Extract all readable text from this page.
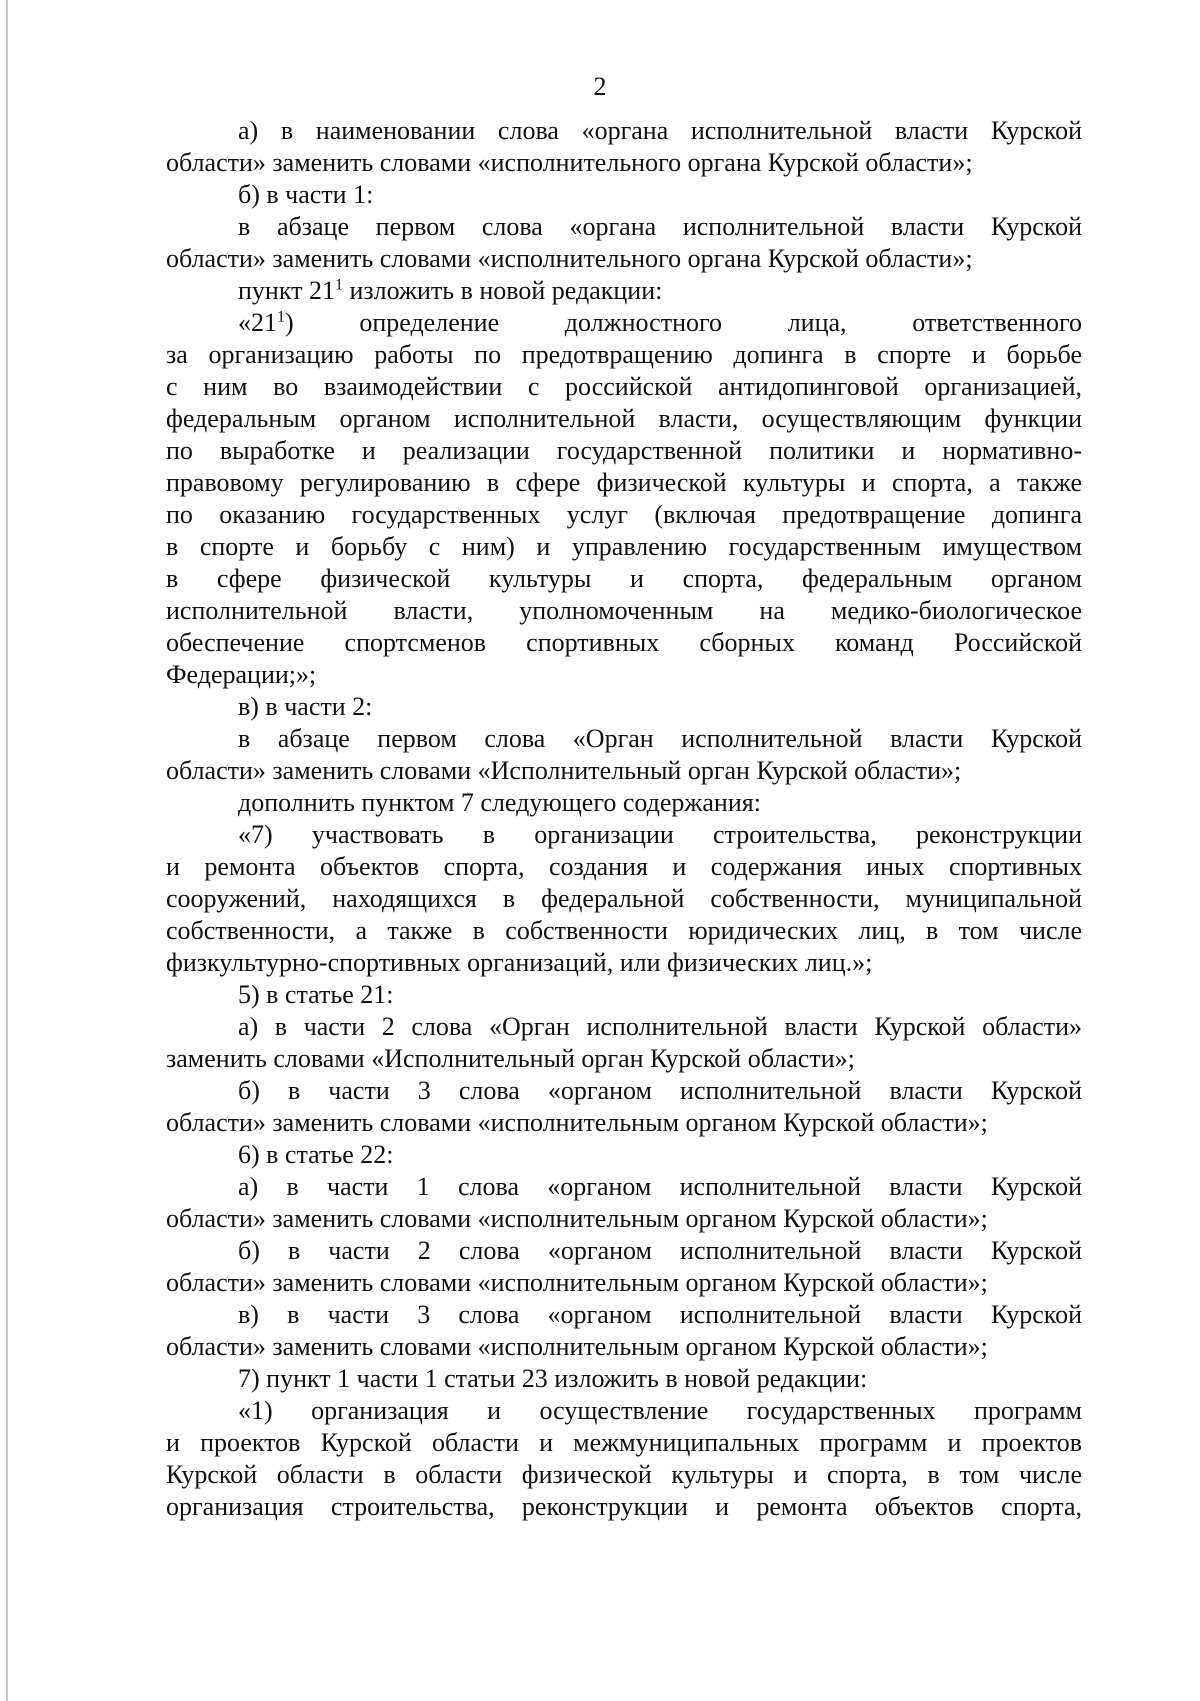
2
а) в наименовании слова «органа исполнительной власти Курской
области» заменить словами «исполнительного органа Курской области»;
б) в части 1:
в абзаце первом слова «органа исполнительной власти Курской
области» заменить словами «исполнительного органа Курской области»;
пункт $21^1$ изложить в новой редакции:
«$21^1$) определение должностного лица, ответственного
за организацию работы по предотвращению допинга в спорте и борьбе
с ним во взаимодействии с российской антидопинговой организацией,
федеральным органом исполнительной власти, осуществляющим функции
по выработке и реализации государственной политики и нормативно-
правовому регулированию в сфере физической культуры и спорта, а также
по оказанию государственных услуг (включая предотвращение допинга
в спорте и борьбу с ним) и управлению государственным имуществом
в сфере физической культуры и спорта, федеральным органом
исполнительной власти, уполномоченным на медико-биологическое
обеспечение спортсменов спортивных сборных команд Российской
Федерации;»;
в) в части 2:
в абзаце первом слова «Орган исполнительной власти Курской
области» заменить словами «Исполнительный орган Курской области»;
дополнить пунктом 7 следующего содержания:
«7) участвовать в организации строительства, реконструкции
и ремонта объектов спорта, создания и содержания иных спортивных
сооружений, находящихся в федеральной собственности, муниципальной
собственности, а также в собственности юридических лиц, в том числе
физкультурно-спортивных организаций, или физических лиц.»;
5) в статье 21:
а) в части 2 слова «Орган исполнительной власти Курской области»
заменить словами «Исполнительный орган Курской области»;
б) в части 3 слова «органом исполнительной власти Курской
области» заменить словами «исполнительным органом Курской области»;
6) в статье 22:
а) в части 1 слова «органом исполнительной власти Курской
области» заменить словами «исполнительным органом Курской области»;
б) в части 2 слова «органом исполнительной власти Курской
области» заменить словами «исполнительным органом Курской области»;
в) в части 3 слова «органом исполнительной власти Курской
области» заменить словами «исполнительным органом Курской области»;
7) пункт 1 части 1 статьи 23 изложить в новой редакции:
«1) организация и осуществление государственных программ
и проектов Курской области и межмуниципальных программ и проектов
Курской области в области физической культуры и спорта, в том числе
организация строительства, реконструкции и ремонта объектов спорта,
